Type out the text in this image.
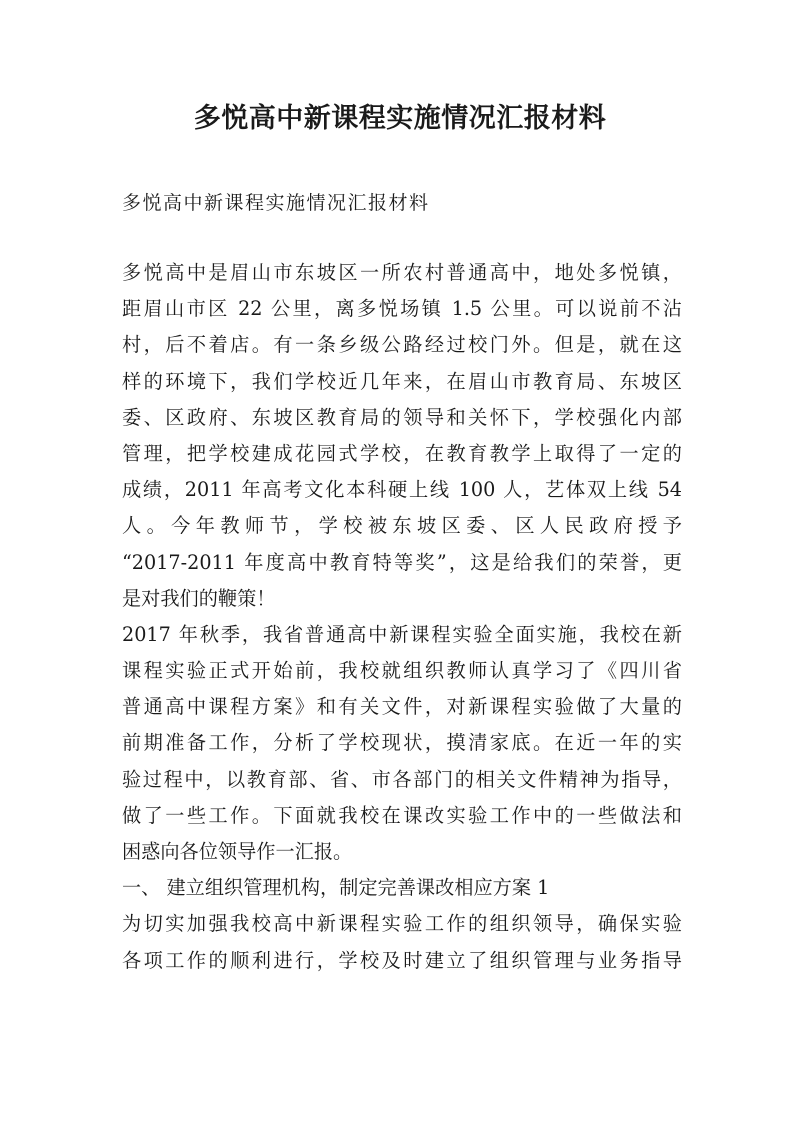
多悦高中新课程实施情况汇报材料

多悦高中新课程实施情况汇报材料

多悦高中是眉山市东坡区一所农村普通高中，地处多悦镇，
距眉山市区 22 公里，离多悦场镇 1.5 公里。可以说前不沾
村，后不着店。有一条乡级公路经过校门外。但是，就在这
样的环境下，我们学校近几年来，在眉山市教育局、东坡区
委、区政府、东坡区教育局的领导和关怀下，学校强化内部
管理，把学校建成花园式学校，在教育教学上取得了一定的
成绩，2011 年高考文化本科硬上线 100 人，艺体双上线 54
人。今年教师节，学校被东坡区委、区人民政府授予
“2017-2011 年度高中教育特等奖”，这是给我们的荣誉，更
是对我们的鞭策！
2017 年秋季，我省普通高中新课程实验全面实施，我校在新
课程实验正式开始前，我校就组织教师认真学习了《四川省
普通高中课程方案》和有关文件，对新课程实验做了大量的
前期准备工作，分析了学校现状，摸清家底。在近一年的实
验过程中，以教育部、省、市各部门的相关文件精神为指导，
做了一些工作。下面就我校在课改实验工作中的一些做法和
困惑向各位领导作一汇报。
一、 建立组织管理机构，制定完善课改相应方案 1
为切实加强我校高中新课程实验工作的组织领导，确保实验
各项工作的顺利进行，学校及时建立了组织管理与业务指导
